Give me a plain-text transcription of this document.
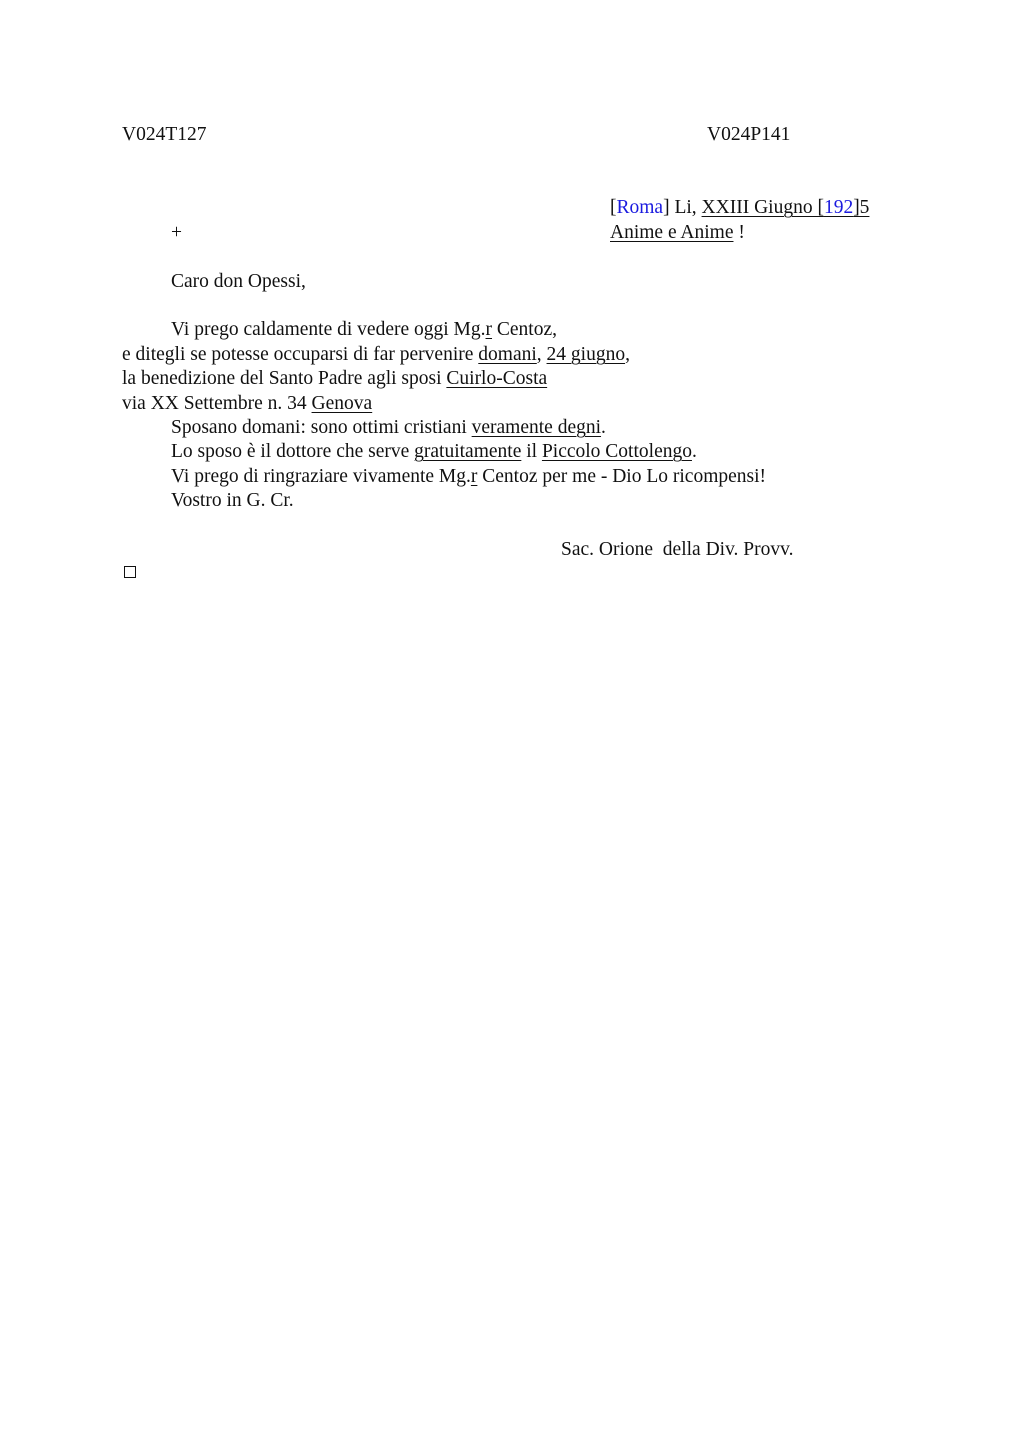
V024T127	V024P141
[Roma] Li, XXIII Giugno [192]5
Anime e Anime !
+
Caro don Opessi,
Vi prego caldamente di vedere oggi Mg.r Centoz,
e ditegli se potesse occuparsi di far pervenire domani, 24 giugno,
la benedizione del Santo Padre agli sposi Cuirlo-Costa
via XX Settembre n. 34 Genova
Sposano domani: sono ottimi cristiani veramente degni.
Lo sposo è il dottore che serve gratuitamente il Piccolo Cottolengo.
Vi prego di ringraziare vivamente Mg.r Centoz per me - Dio Lo ricompensi!
Vostro in G. Cr.
Sac. Orione  della Div. Provv.
